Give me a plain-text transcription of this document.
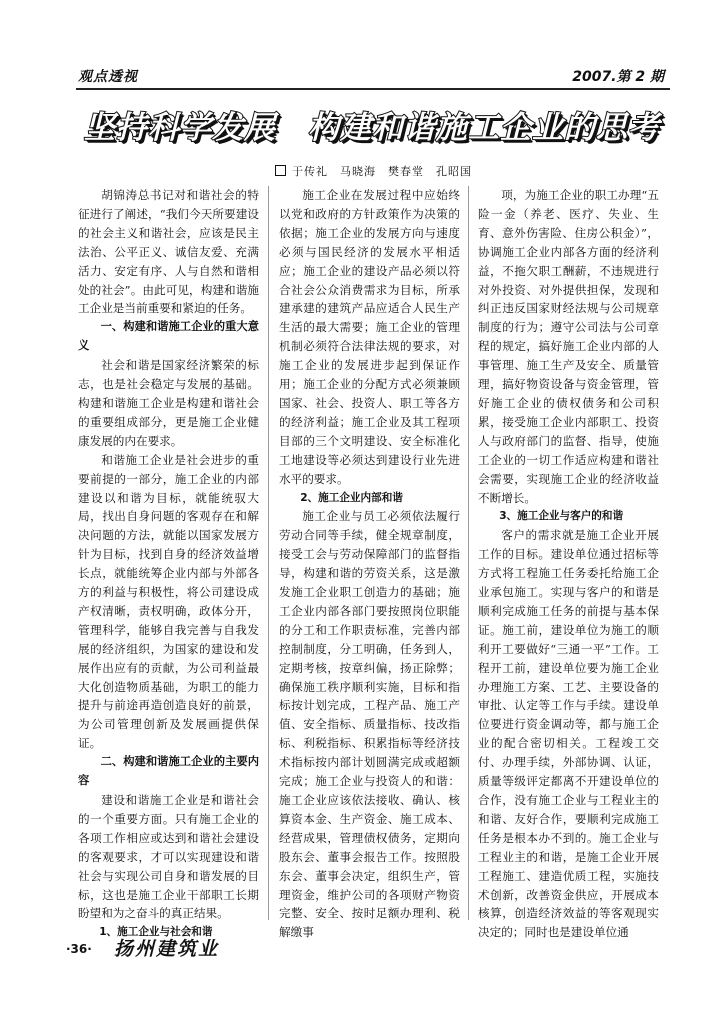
观点透视	2007.第 2 期
坚持科学发展　构建和谐施工企业的思考
于传礼　马晓海　樊春堂　孔昭国

胡锦涛总书记对和谐社会的特征进行了阐述，“我们今天所要建设的社会主义和谐社会，应该是民主法治、公平正义、诚信友爱、充满活力、安定有序、人与自然和谐相处的社会”。由此可见，构建和谐施工企业是当前重要和紧迫的任务。

一、构建和谐施工企业的重大意义

社会和谐是国家经济繁荣的标志，也是社会稳定与发展的基础。构建和谐施工企业是构建和谐社会的重要组成部分，更是施工企业健康发展的内在要求。

和谐施工企业是社会进步的重要前提的一部分，施工企业的内部建设以和谐为目标，就能统驭大局，找出自身问题的客观存在和解决问题的方法，就能以国家发展方针为目标，找到自身的经济效益增长点，就能统筹企业内部与外部各方的利益与积极性，将公司建设成产权清晰，责权明确，政体分开，管理科学，能够自我完善与自我发展的经济组织，为国家的建设和发展作出应有的贡献，为公司利益最大化创造物质基础，为职工的能力提升与前途再造创造良好的前景，为公司管理创新及发展画提供保证。

二、构建和谐施工企业的主要内容

建设和谐施工企业是和谐社会的一个重要方面。只有施工企业的各项工作相应或达到和谐社会建设的客观要求，才可以实现建设和谐社会与实现公司自身和谐发展的目标，这也是施工企业干部职工长期盼望和为之奋斗的真正结果。

1、施工企业与社会和谐

施工企业在发展过程中应始终以党和政府的方针政策作为决策的依据；施工企业的发展方向与速度必须与国民经济的发展水平相适应；施工企业的建设产品必须以符合社会公众消费需求为目标，所承建承建的建筑产品应适合人民生产生活的最大需要；施工企业的管理机制必须符合法律法规的要求，对施工企业的发展进步起到保证作用；施工企业的分配方式必须兼顾国家、社会、投资人、职工等各方的经济利益；施工企业及其工程项目部的三个文明建设、安全标准化工地建设等必须达到建设行业先进水平的要求。

2、施工企业内部和谐

施工企业与员工必须依法履行劳动合同等手续，健全规章制度，接受工会与劳动保障部门的监督指导，构建和谐的劳资关系，这是激发施工企业职工创造力的基础；施工企业内部各部门要按照岗位职能的分工和工作职责标准，完善内部控制制度，分工明确，任务到人，定期考核，按章纠偏，扬正除弊；确保施工秩序顺利实施，目标和指标按计划完成，工程产品、施工产值、安全指标、质量指标、技改指标、利税指标、积累指标等经济技术指标按内部计划圆满完成或超额完成；施工企业与投资人的和谐：施工企业应该依法接收、确认、核算资本金、生产资金、施工成本、经营成果，管理债权债务，定期向股东会、董事会报告工作。按照股东会、董事会决定，组织生产，管理资金，维护公司的各项财产物资完整、安全、按时足额办理利、税解缴事

项，为施工企业的职工办理“五险一金（养老、医疗、失业、生育、意外伤害险、住房公积金）”，协调施工企业内部各方面的经济利益，不拖欠职工酬薪，不违规进行对外投资、对外提供担保，发现和纠正违反国家财经法规与公司规章制度的行为；遵守公司法与公司章程的规定，搞好施工企业内部的人事管理、施工生产及安全、质量管理，搞好物资设备与资金管理，管好施工企业的债权债务和公司积累，接受施工企业内部职工、投资人与政府部门的监督、指导，使施工企业的一切工作适应构建和谐社会需要，实现施工企业的经济收益不断增长。

3、施工企业与客户的和谐

客户的需求就是施工企业开展工作的目标。建设单位通过招标等方式将工程施工任务委托给施工企业承包施工。实现与客户的和谐是顺利完成施工任务的前提与基本保证。施工前，建设单位为施工的顺利开工要做好“三通一平”工作。工程开工前，建设单位要为施工企业办理施工方案、工艺、主要设备的审批、认定等工作与手续。建设单位要进行资金调动等，都与施工企业的配合密切相关。工程竣工交付、办理手续，外部协调、认证，质量等级评定都离不开建设单位的合作，没有施工企业与工程业主的和谐、友好合作，要顺利完成施工任务是根本办不到的。施工企业与工程业主的和谐，是施工企业开展工程施工、建造优质工程，实施技术创新，改善资金供应，开展成本核算，创造经济效益的等客观现实决定的；同时也是建设单位通

·36· 扬州建筑业
